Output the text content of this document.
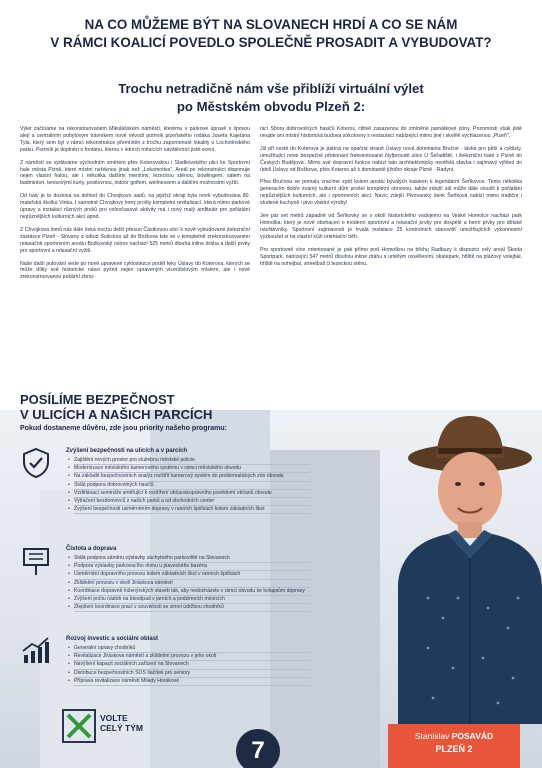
NA CO MŮŽEME BÝT NA SLOVANECH HRDÍ A CO SE NÁM
V RÁMCI KOALICÍ POVEDLO SPOLEČNĚ PROSADIT A VYBUDOVAT?
Trochu netradičně nám vše přiblíží virtuální výlet
po Městském obvodu Plzeň 2:

Výlet začínáme na rekonstruovaném Mikulášském náměstí, kterému v parkové úpravě s lipovou alejí a centrálním pobytovým trávníkem nově vévodí pomník plzeňského rodáka Josefa Kajetána Tyla, který sem byl v rámci rekonstrukce přemístěn z trochu zapomenuté lokality u Lochotínského parku. Pomník je doplněn o fontánu, kterou v letních měsících návštěvníci jistě ocení.

Z náměstí se vydáváme východním směrem přes Koterovskou i Sladkovského ulici ke Sportovní hale města Plzně, které místní neřeknou jinak než „Lokomotiva". Areál po rekonstrukci disponuje nejen vlastní halou, ale i několika dalšími menšími, lezeckou stěnou, bowlingem, sálem na badminton, tenisovými kurty, posilovnou, indoor golfem, wellnessem a dalšími možnostmi vyžití.

Od haly je to doslova na dohled do Chvojkovo sadů, na jejichž okraji byla nově vybudována 80. mateřská školka Vinka. I samotné Chvojkovy lomy prošly kompletní revitalizací, která mimo parkové úpravy a instalaci různých prvků pro volnočasové aktivity má i nový malý amfiteátr pro pořádání nejrůznějších kulturních akcí apod.

Z Chvojkova lomů nás dále čeká trochu delší přesun Částkovou ulicí k nově vybudované železniční zastávce Plzeň - Slovany a odtud Sušickou až do Božkova kde se v kompletně zrekonstruovaném relaxačně sportovním areálu Božkovský ostrov nachází 525 metrů dlouhá inline dráha a další prvky pro sportovní a relaxační vyžití.

Naše další putování vede po nově upravené cyklostezce podél řeky Úslavy do Koterova, kterých se může dílky své historické návsi pyšnit nejen opraveným víceúčelovým místem, ale i nově zrekonstruovanou požární zbroj-

nicí Sboru dobrovolných hasičů Koterov, citlivě zasazenou do zmíněné památkové zóny. Pozornosti však jistě neujde ani místní historická budova sokolovny s restaurací nabízející mimo jiné i skvělé vychlazenou „Plzeň".

Již při cestě do Koterova je patrná na opačné straně Úslavy nová dominanta Bručné - lávka pro pěší a cyklisty, umožňující nové bezpečné překonání frekventované čtyřproudé ulice U Šeřadiště, i železniční tratě z Plzně do Českých Budějovic. Mimo své dopravní funkce nabízí tato architektonicky neotřelá stavba i zajímavý výhled do údolí Úslavy od Božkova, přes Koterov až k dominantě jižního okraje Plzně - Radyni.

Přes Bručnou se pomalu vracíme zpět kolem areálu bývalých kasáren k legendární Šeňkovce. Tento několika generacím dobře známý kulturní dům prošel kompletní obnovou, takže zdejší sál může dále sloužit k pořádání nejrůznějších kulturních, ale i sportovních akcí. Navíc zdejší Pivovarský šenk Šeňková nabízí mimo tradiční i studené kuchyně i pivo vlastní výroby!

Jen pár set metrů západně od Šeňkovky se v okolí historického vodojemu na Veské Homolce nachází park Homolka, který je nově obohacen o moderní sportovní a relaxační prvky pro dospělé a herní prvky pro dětské návštěvníky. Sportovní zajímavostí je trvalá instalace 25 kontrolních stanovišť umožňujících výkonnostní vyzkoušet si na vlastní kůži orientační běh.

Pro sportovně více orientované je pak přímo pod Homolkou na břehu Radbuzy k dispozici celý areál Škoda Sportpark, nabízející 547 metrů dlouhou inline dráhu s umělým osvětlením, skatepark, hřiště na plážový volejbal, hřiště na nohejbal, streetball či lezeckou stěnu.

POSÍLÍME BEZPEČNOST
V ULICÍCH A NAŠICH PARCÍCH
Pokud dostaneme důvěru, zde jsou priority našeho programu:
Zvýšení bezpečnosti na ulicích a v parcích
• Zajištění nových prostor pro služebnu městské policie
• Modernizace městského kamerového systému v rámci městského obvodu
• Na základě bezpečnostních analýz rozšířit kamerový systém do problematických zón obvodu
• Stálá podpora dobrovolných hasičů
• Vzdělávací semináře směřující k rozšíření občanskoprávního povědomí občanů obvodu
• Vytíačení bezdomovců z našich parků a od obchodních center
• Zvýšení bezpečnosti usměrněním dopravy v ranních špičkách kolem základních škol
Čistota a doprava
• Stálá podpora záměru výstavby záchytného parkoviště na Slovanech
• Podpora výstavby parkovacího domu u plaveckého bazénu
• Usměrnění dopravního provozu kolem základních škol v ranních špičkách
• Zklidnění provozu v okolí Jiráskova náměstí
• Koordinace dopravně inženýrských staveb tak, aby nedocházelo v rámci obvodu ke kolapsům dopravy
• Zvýšení počtu nádob na bioodpad v jarních a podzimních měsících
• Zlepšení koordinace prací v souvislosti se zimní údržbou chodníků
Rozvoj investic a sociální oblast
• Generální opravy chodníků
• Revitalizace Jiráskova náměstí a zklidnění provozu v jeho okolí
• Navýšení kapacit sociálních zařízení na Slovanech
• Distribuce bezpečnostních SOS tlačítek pro seniory
• Příprava revitalizace náměstí Milady Horákové
VOLTE
CELÝ TÝM
7
Stanislav POSAVÁD
PLZEŇ 2
